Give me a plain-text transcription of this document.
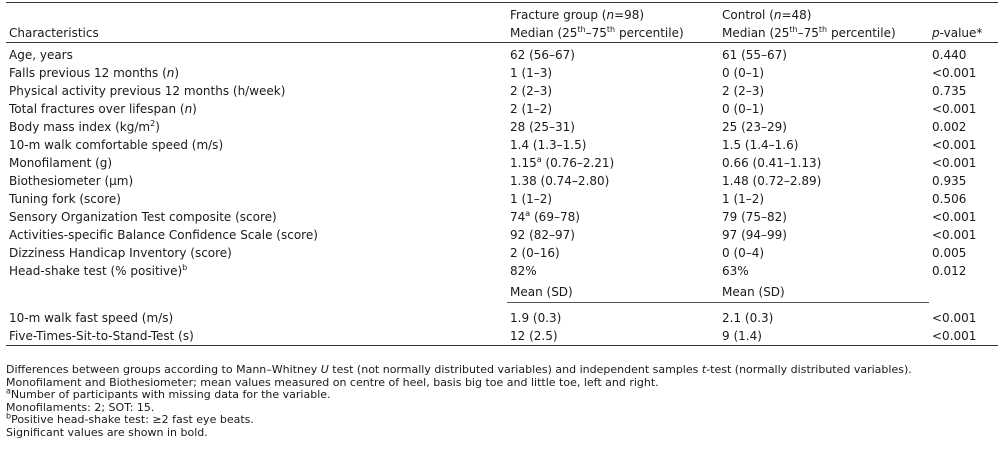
	Fracture group (n=98)	Control (n=48)	
Characteristics	Median (25th–75th percentile)	Median (25th–75th percentile)	p-value*
Age, years	62 (56–67)	61 (55–67)	0.440
Falls previous 12 months (n)	1 (1–3)	0 (0–1)	<0.001
Physical activity previous 12 months (h/week)	2 (2–3)	2 (2–3)	0.735
Total fractures over lifespan (n)	2 (1–2)	0 (0–1)	<0.001
Body mass index $(kg/m^2)$	28 (25–31)	25 (23–29)	0.002
10-m walk comfortable speed (m/s)	1.4 (1.3–1.5)	1.5 (1.4–1.6)	<0.001
Monofilament (g)	1.15$^a$ (0.76–2.21)	0.66 (0.41–1.13)	<0.001
Biothesiometer (µm)	1.38 (0.74–2.80)	1.48 (0.72–2.89)	0.935
Tuning fork (score)	1 (1–2)	1 (1–2)	0.506
Sensory Organization Test composite (score)	74$^a$ (69–78)	79 (75–82)	<0.001
Activities-specific Balance Confidence Scale (score)	92 (82–97)	97 (94–99)	<0.001
Dizziness Handicap Inventory (score)	2 (0–16)	0 (0–4)	0.005
Head-shake test (% positive)$^b$	82%	63%	0.012
	Mean (SD)	Mean (SD)	

10-m walk fast speed (m/s)	1.9 (0.3)	2.1 (0.3)	<0.001
Five-Times-Sit-to-Stand-Test (s)	12 (2.5)	9 (1.4)	<0.001
Differences between groups according to Mann–Whitney U test (not normally distributed variables) and independent samples t-test (normally distributed variables).
Monofilament and Biothesiometer; mean values measured on centre of heel, basis big toe and little toe, left and right.
$^a$Number of participants with missing data for the variable.
Monofilaments: 2; SOT: 15.
$^b$Positive head-shake test: ≥2 fast eye beats.
Significant values are shown in bold.
